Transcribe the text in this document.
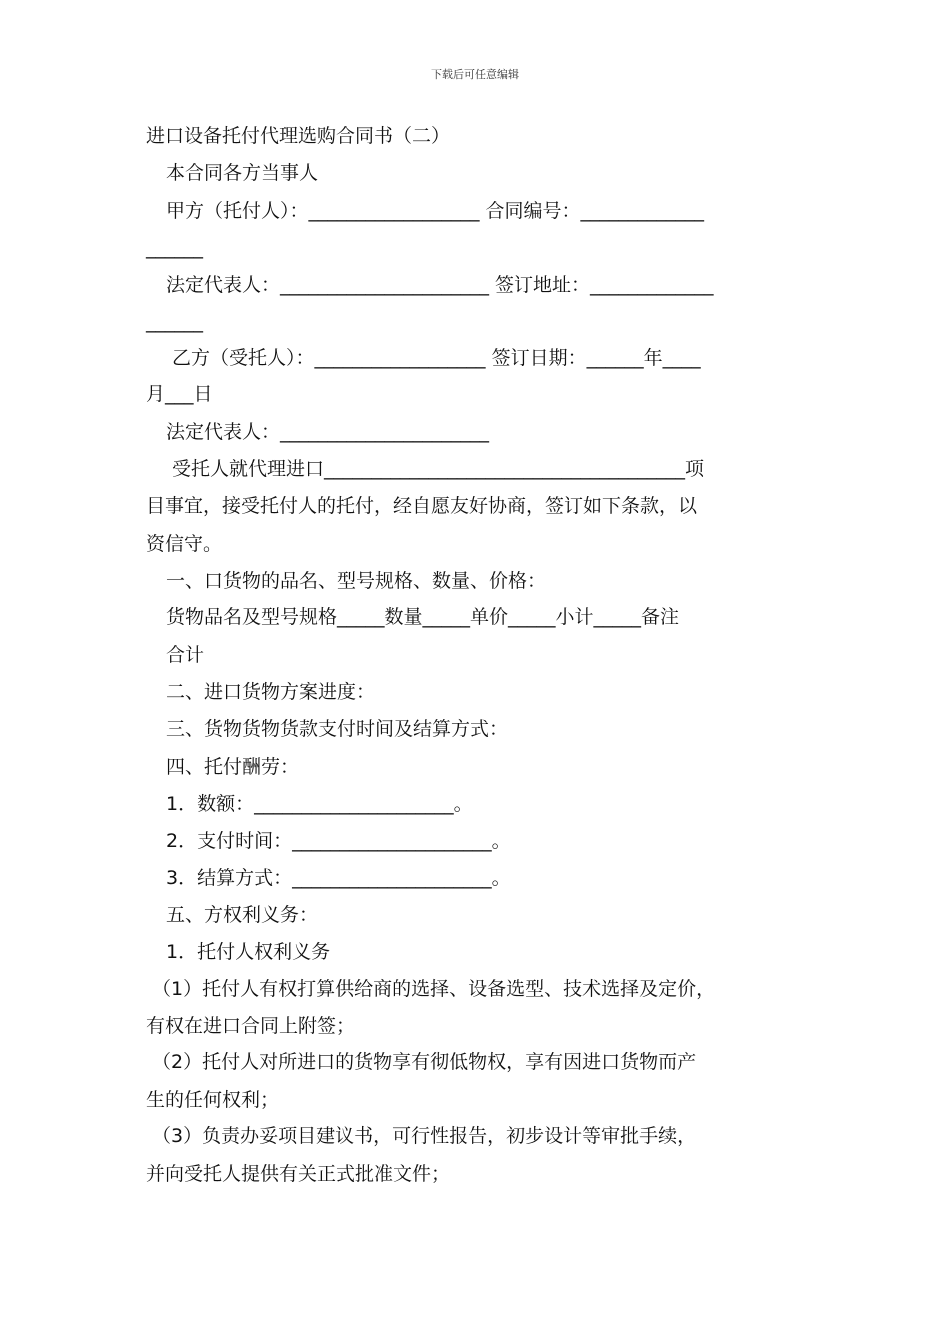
下载后可任意编辑
进口设备托付代理选购合同书（二）
本合同各方当事人
甲方（托付人）：__________________ 合同编号：_____________
______
法定代表人：______________________ 签订地址：_____________
______
乙方（受托人）：__________________ 签订日期：______年____
月___日
法定代表人：______________________
受托人就代理进口______________________________________项
目事宜，接受托付人的托付，经自愿友好协商，签订如下条款，以
资信守。
一、口货物的品名、型号规格、数量、价格：
货物品名及型号规格_____数量_____单价_____小计_____备注
合计
二、进口货物方案进度：
三、货物货物货款支付时间及结算方式：
四、托付酬劳：
1．数额：_____________________。
2．支付时间：_____________________。
3．结算方式：_____________________。
五、方权利义务：
1．托付人权利义务
（1）托付人有权打算供给商的选择、设备选型、技术选择及定价，
有权在进口合同上附签；
（2）托付人对所进口的货物享有彻低物权，享有因进口货物而产
生的任何权利；
（3）负责办妥项目建议书，可行性报告，初步设计等审批手续，
并向受托人提供有关正式批准文件；
